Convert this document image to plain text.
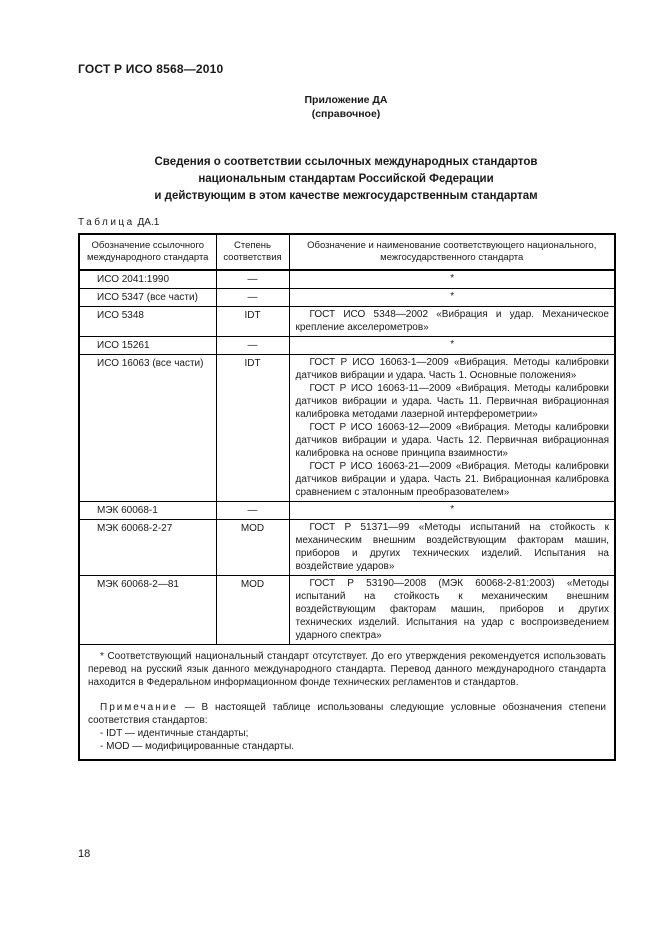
ГОСТ Р ИСО 8568—2010
Приложение ДА
(справочное)
Сведения о соответствии ссылочных международных стандартов
национальным стандартам Российской Федерации
и действующим в этом качестве межгосударственным стандартам
Таблица ДА.1
Обозначение ссылочного международного стандарта	Степень соответствия	Обозначение и наименование соответствующего национального, межгосударственного стандарта
ИСО 2041:1990	—	*
ИСО 5347 (все части)	—	*
ИСО 5348	IDT	ГОСТ ИСО 5348—2002 «Вибрация и удар. Механическое крепление акселерометров»

ИСО 15261	—	*
ИСО 16063 (все части)	IDT	ГОСТ Р ИСО 16063-1—2009 «Вибрация. Методы калибровки датчиков вибрации и удара. Часть 1. Основные положения»

ГОСТ Р ИСО 16063-11—2009 «Вибрация. Методы калибровки датчиков вибрации и удара. Часть 11. Первичная вибрационная калибровка методами лазерной интерферометрии»

ГОСТ Р ИСО 16063-12—2009 «Вибрация. Методы калибровки датчиков вибрации и удара. Часть 12. Первичная вибрационная калибровка на основе принципа взаимности»

ГОСТ Р ИСО 16063-21—2009 «Вибрация. Методы калибровки датчиков вибрации и удара. Часть 21. Вибрационная калибровка сравнением с эталонным преобразователем»

МЭК 60068-1	—	*
МЭК 60068-2-27	MOD	ГОСТ Р 51371—99 «Методы испытаний на стойкость к механическим внешним воздействующим факторам машин, приборов и других технических изделий. Испытания на воздействие ударов»

МЭК 60068-2—81	MOD	ГОСТ Р 53190—2008 (МЭК 60068-2-81:2003) «Методы испытаний на стойкость к механическим внешним воздействующим факторам машин, приборов и других технических изделий. Испытания на удар с воспроизведением ударного спектра»

* Соответствующий национальный стандарт отсутствует. До его утверждения рекомендуется использовать перевод на русский язык данного международного стандарта. Перевод данного международного стандарта находится в Федеральном информационном фонде технических регламентов и стандартов.

Примечание — В настоящей таблице использованы следующие условные обозначения степени соответствия стандартов:

- IDT — идентичные стандарты;
- MOD — модифицированные стандарты.		
18
